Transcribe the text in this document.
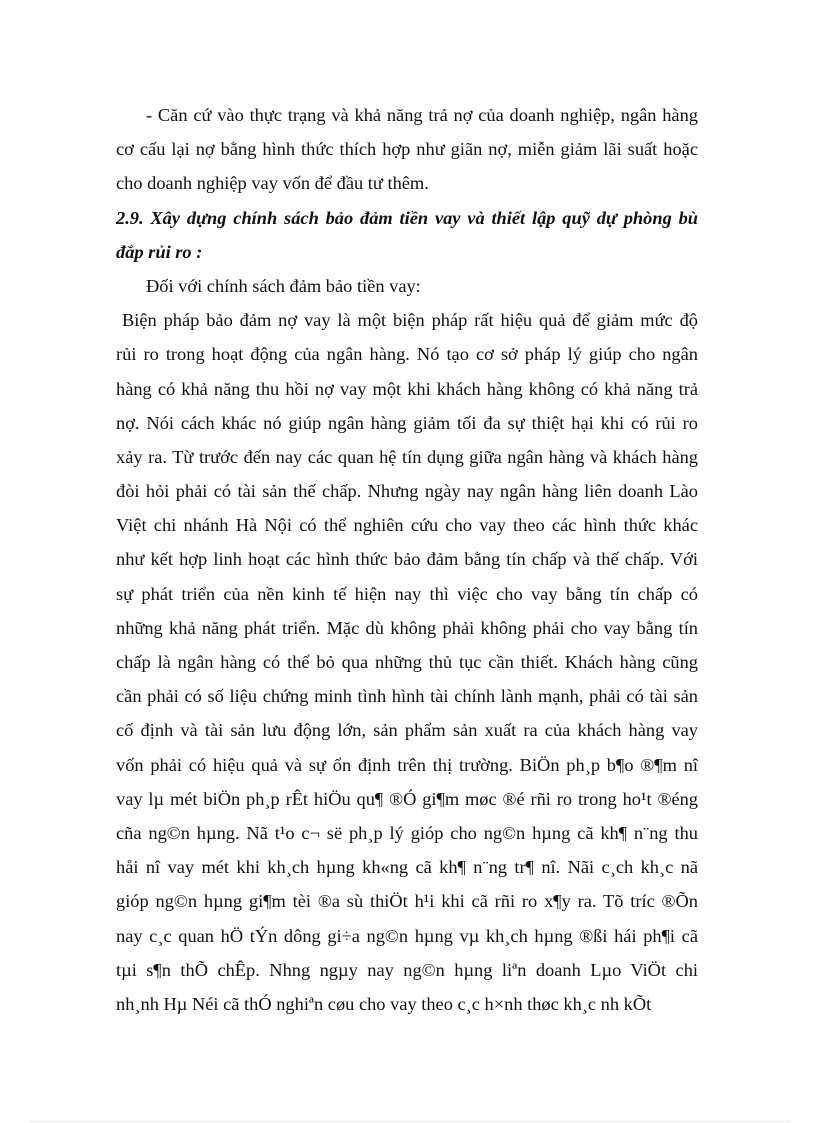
- Căn cứ vào thực trạng và khả năng trả nợ của doanh nghiệp, ngân hàng
cơ cấu lại nợ bằng hình thức thích hợp như giãn nợ, miễn giảm lãi suất hoặc
cho doanh nghiệp vay vốn để đầu tư thêm.
2.9. Xây dựng chính sách bảo đảm tiền vay và thiết lập quỹ dự phòng bù
đắp rủi ro :
Đối với chính sách đảm bảo tiền vay:
Biện pháp bảo đảm nợ vay là một biện pháp rất hiệu quả để giảm mức độ
rủi ro trong hoạt động của ngân hàng. Nó tạo cơ sở pháp lý giúp cho ngân
hàng có khả năng thu hồi nợ vay một khi khách hàng không có khả năng trả
nợ. Nói cách khác nó giúp ngân hàng giảm tối đa sự thiệt hại khi có rủi ro
xảy ra. Từ trước đến nay các quan hệ tín dụng giữa ngân hàng và khách hàng
đòi hỏi phải có tài sản thế chấp. Nhưng ngày nay ngân hàng liên doanh Lào
Việt chi nhánh Hà Nội có thể nghiên cứu cho vay theo các hình thức khác
như kết hợp linh hoạt các hình thức bảo đảm bằng tín chấp và thế chấp. Với
sự phát triển của nền kinh tế hiện nay thì việc cho vay bằng tín chấp có
những khả năng phát triển. Mặc dù không phải không phải cho vay bằng tín
chấp là ngân hàng có thể bỏ qua những thủ tục cần thiết. Khách hàng cũng
cần phải có số liệu chứng minh tình hình tài chính lành mạnh, phải có tài sản
cố định và tài sản lưu động lớn, sản phẩm sản xuất ra của khách hàng vay
vốn phải có hiệu quả và sự ổn định trên thị trường. BiÖn ph¸p b¶o ®¶m nî
vay lµ mét biÖn ph¸p rÊt hiÖu qu¶ ®Ó gi¶m møc ®é rñi ro trong ho¹t ®éng
cña ng©n hµng. Nã t¹o c¬ së ph¸p lý gióp cho ng©n hµng cã kh¶ n¨ng thu
håi nî vay mét khi kh¸ch hµng kh«ng cã kh¶ n¨ng tr¶ nî. Nãi c¸ch kh¸c nã
gióp ng©n hµng gi¶m tèi ®a sù thiÖt h¹i khi cã rñi ro x¶y ra. Tõ tríc ®Õn
nay c¸c quan hÖ tÝn dông gi÷a ng©n hµng vµ kh¸ch hµng ®ßi hái ph¶i cã
tµi s¶n thÕ chÊp. Nhng ngµy nay ng©n hµng liªn doanh Lµo ViÖt chi
nh¸nh Hµ Néi cã thÓ nghiªn cøu cho vay theo c¸c h×nh thøc kh¸c nh kÕt
